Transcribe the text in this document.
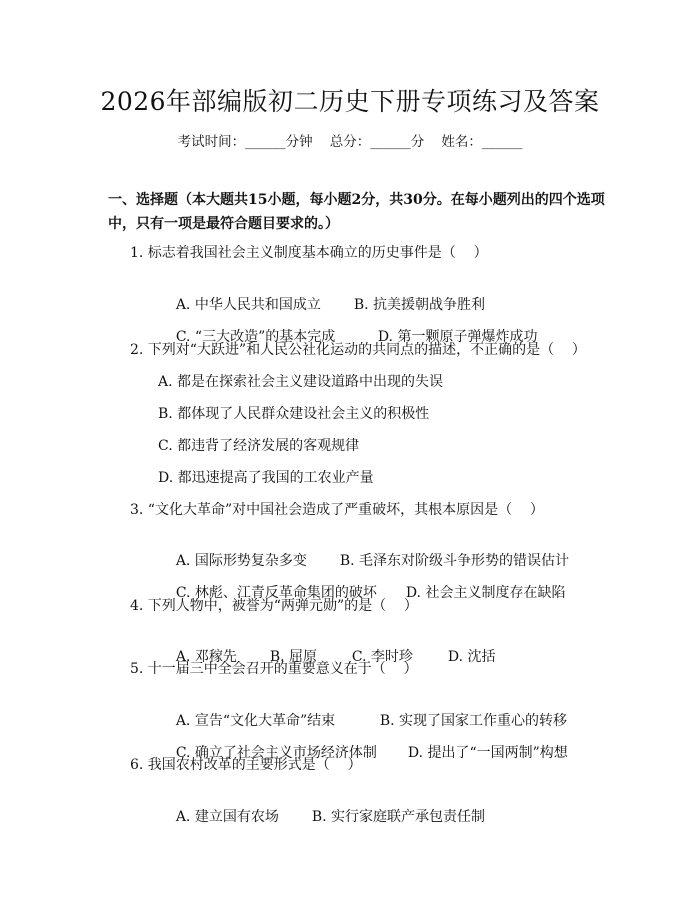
2026年部编版初二历史下册专项练习及答案
考试时间：______分钟    总分：______分    姓名：______
一、选择题（本大题共15小题，每小题2分，共30分。在每小题列出的四个选项中，只有一项是最符合题目要求的。）
1. 标志着我国社会主义制度基本确立的历史事件是（    ）

A. 中华人民共和国成立 B. 抗美援朝战争胜利

C. “三大改造”的基本完成	D. 第一颗原子弹爆炸成功

2. 下列对“大跃进”和人民公社化运动的共同点的描述，不正确的是（    ）
A. 都是在探索社会主义建设道路中出现的失误
B. 都体现了人民群众建设社会主义的积极性
C. 都违背了经济发展的客观规律
D. 都迅速提高了我国的工农业产量
3. “文化大革命”对中国社会造成了严重破坏，其根本原因是（    ）

A. 国际形势复杂多变 B. 毛泽东对阶级斗争形势的错误估计

C. 林彪、江青反革命集团的破坏 D. 社会主义制度存在缺陷

4. 下列人物中，被誉为“两弹元勋”的是（    ）

A. 邓稼先 B. 屈原 C. 李时珍 D. 沈括

5. 十一届三中全会召开的重要意义在于（    ）

A. 宣告“文化大革命”结束	B. 实现了国家工作重心的转移

C. 确立了社会主义市场经济体制 D. 提出了“一国两制”构想

6. 我国农村改革的主要形式是（    ）

A. 建立国有农场 B. 实行家庭联产承包责任制
